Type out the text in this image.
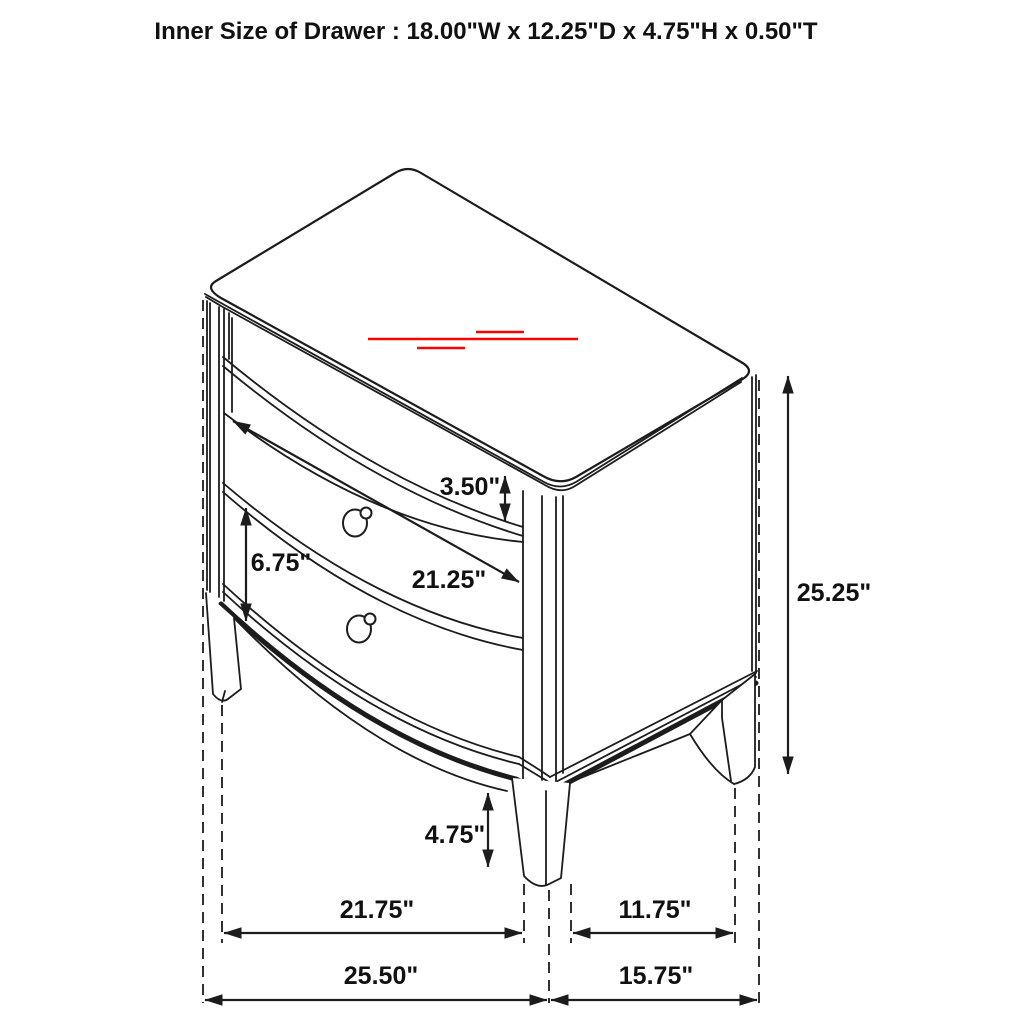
3.50"
6.75"
21.25"	25.25"
4.75"
21.75"	11.75"
25.50"	15.75"
Inner Size of Drawer : 18.00"W x 12.25"D x 4.75"H x 0.50"T
